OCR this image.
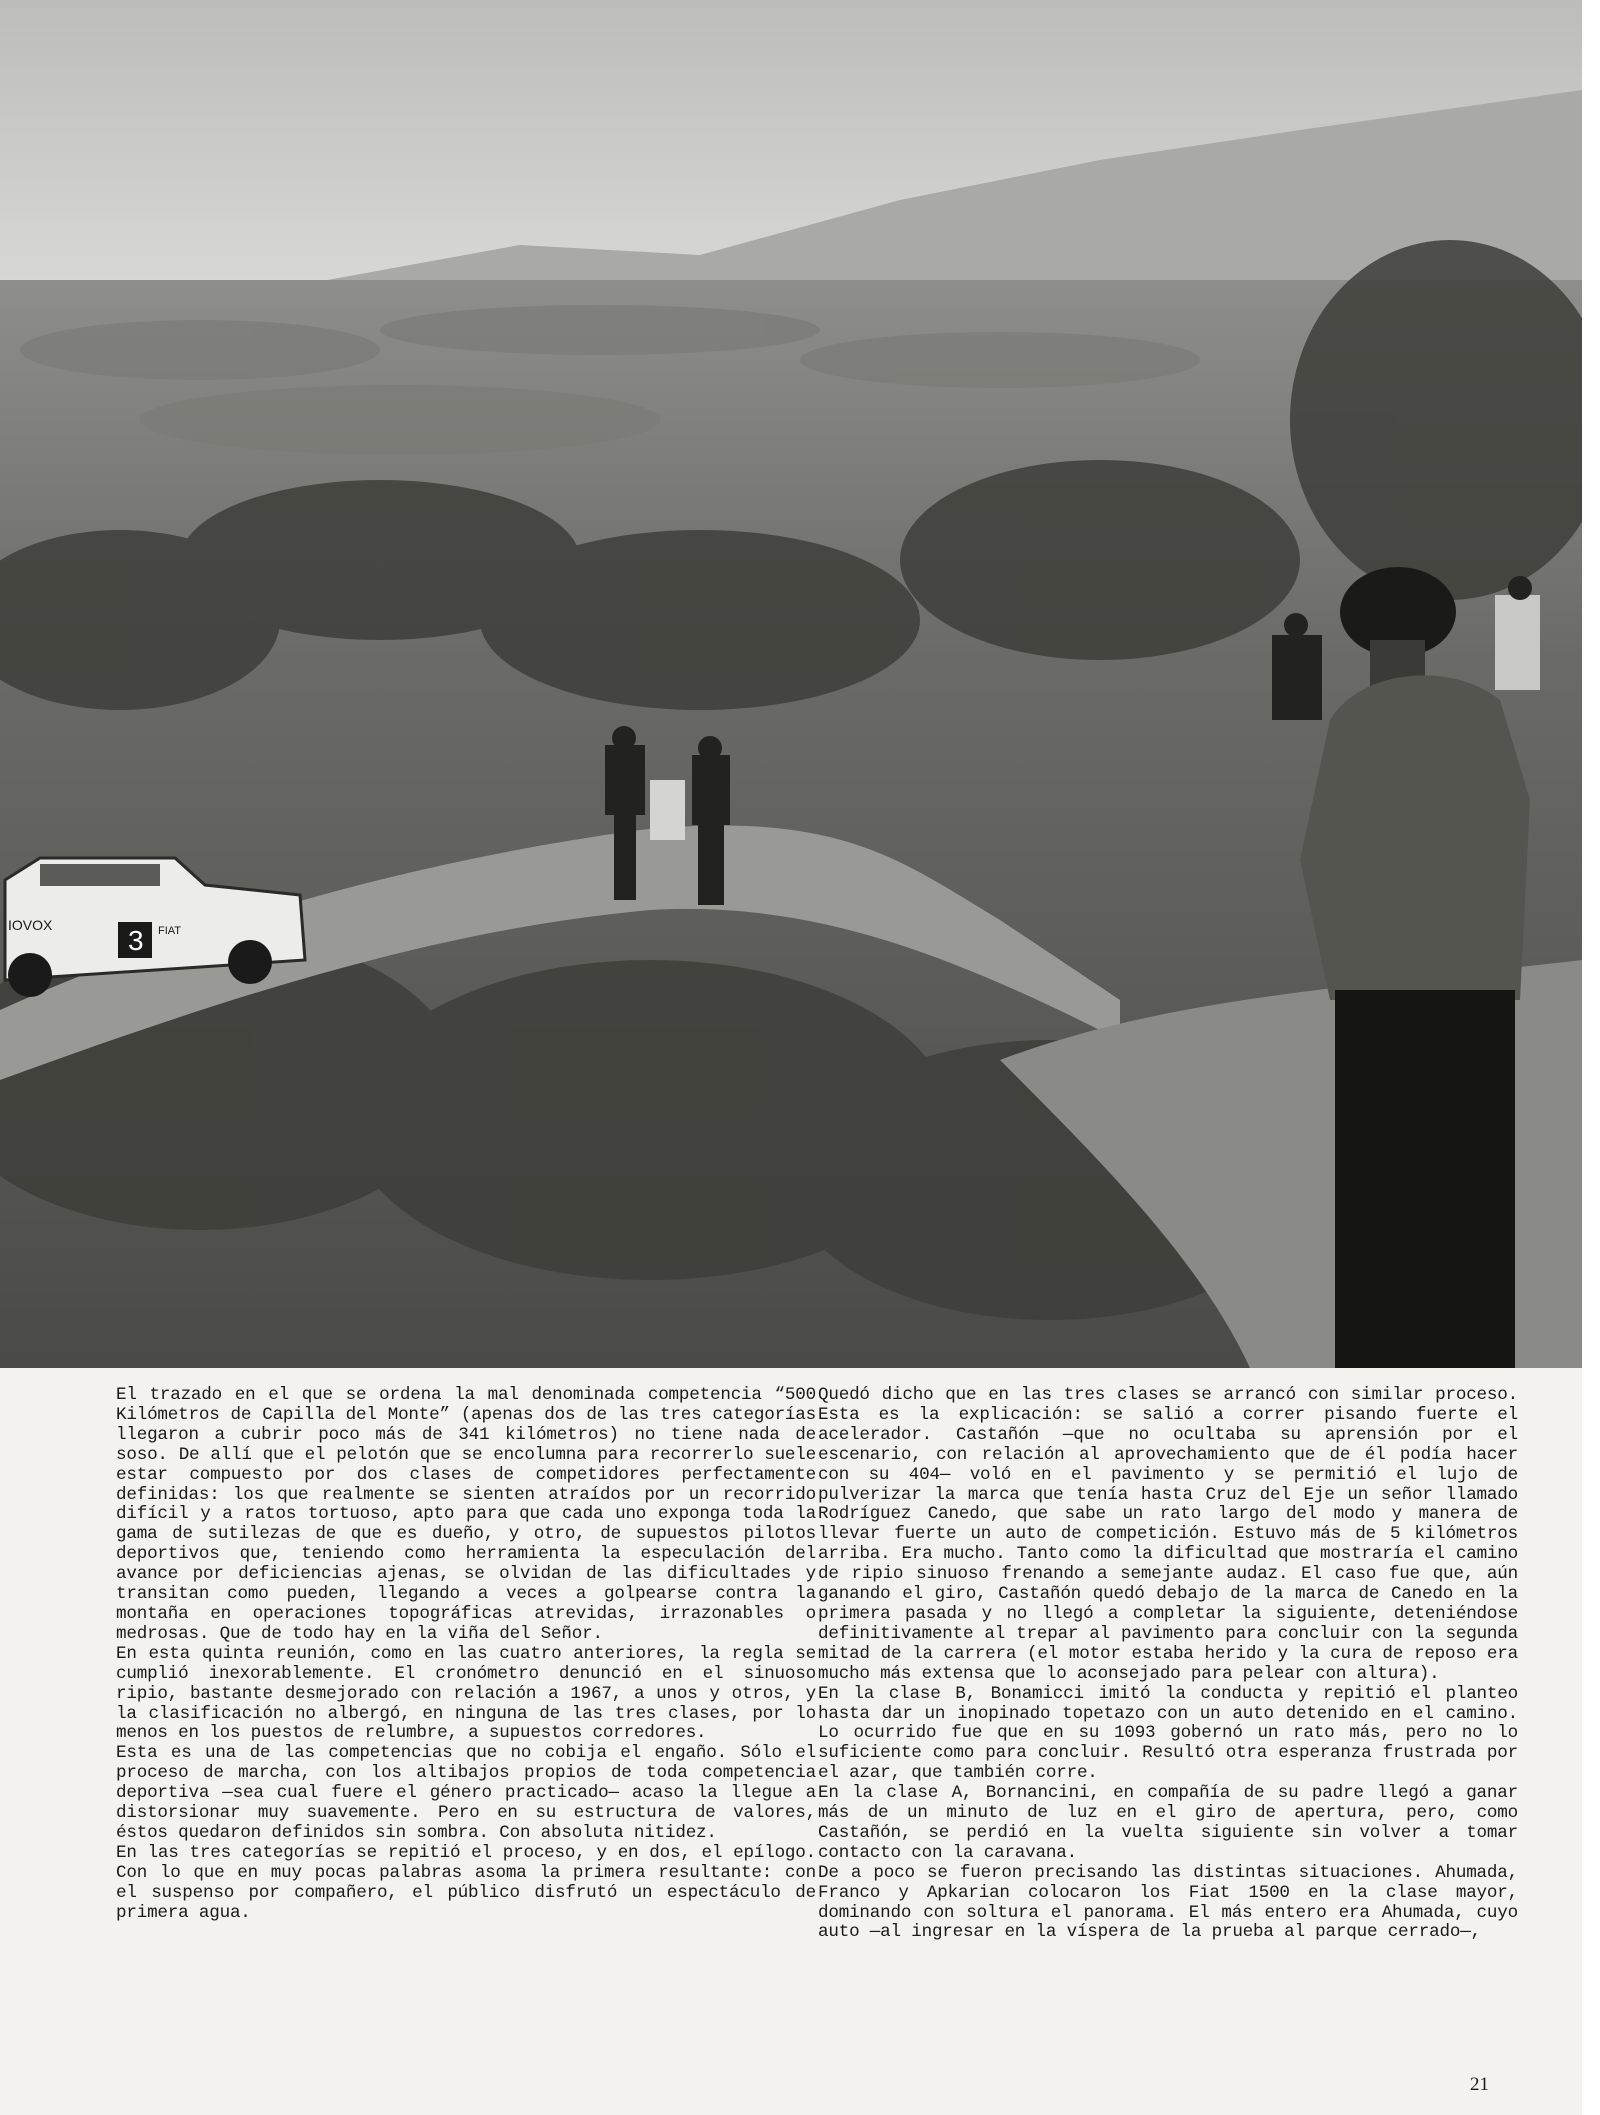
3 FIAT
IOVOX

El trazado en el que se ordena la mal denominada competencia “500 Kilómetros de Capilla del Monte” (apenas dos de las tres categorías llegaron a cubrir poco más de 341 kilómetros) no tiene nada de soso. De allí que el pelotón que se encolumna para recorrerlo suele estar compuesto por dos clases de competidores perfectamente definidas: los que realmente se sienten atraídos por un recorrido difícil y a ratos tortuoso, apto para que cada uno exponga toda la gama de sutilezas de que es dueño, y otro, de supuestos pilotos deportivos que, teniendo como herramienta la especulación del avance por deficiencias ajenas, se olvidan de las dificultades y transitan como pueden, llegando a veces a golpearse contra la montaña en operaciones topográficas atrevidas, irrazonables o medrosas. Que de todo hay en la viña del Señor.

En esta quinta reunión, como en las cuatro anteriores, la regla se cumplió inexorablemente. El cronómetro denunció en el sinuoso ripio, bastante desmejorado con relación a 1967, a unos y otros, y la clasificación no albergó, en ninguna de las tres clases, por lo menos en los puestos de relumbre, a supuestos corredores.

Esta es una de las competencias que no cobija el engaño. Sólo el proceso de marcha, con los altibajos propios de toda competencia deportiva —sea cual fuere el género practicado— acaso la llegue a distorsionar muy suavemente. Pero en su estructura de valores, éstos quedaron definidos sin sombra. Con absoluta nitidez.

En las tres categorías se repitió el proceso, y en dos, el epílogo. Con lo que en muy pocas palabras asoma la primera resultante: con el suspenso por compañero, el público disfrutó un espectáculo de primera agua.

Quedó dicho que en las tres clases se arrancó con similar proceso. Esta es la explicación: se salió a correr pisando fuerte el acelerador. Castañón —que no ocultaba su aprensión por el escenario, con relación al aprovechamiento que de él podía hacer con su 404— voló en el pavimento y se permitió el lujo de pulverizar la marca que tenía hasta Cruz del Eje un señor llamado Rodríguez Canedo, que sabe un rato largo del modo y manera de llevar fuerte un auto de competición. Estuvo más de 5 kilómetros arriba. Era mucho. Tanto como la dificultad que mostraría el camino de ripio sinuoso frenando a semejante audaz. El caso fue que, aún ganando el giro, Castañón quedó debajo de la marca de Canedo en la primera pasada y no llegó a completar la siguiente, deteniéndose definitivamente al trepar al pavimento para concluir con la segunda mitad de la carrera (el motor estaba herido y la cura de reposo era mucho más extensa que lo aconsejado para pelear con altura).

En la clase B, Bonamicci imitó la conducta y repitió el planteo hasta dar un inopinado topetazo con un auto detenido en el camino. Lo ocurrido fue que en su 1093 gobernó un rato más, pero no lo suficiente como para concluir. Resultó otra esperanza frustrada por el azar, que también corre.

En la clase A, Bornancini, en compañía de su padre llegó a ganar más de un minuto de luz en el giro de apertura, pero, como Castañón, se perdió en la vuelta siguiente sin volver a tomar contacto con la caravana.

De a poco se fueron precisando las distintas situaciones. Ahumada, Franco y Apkarian colocaron los Fiat 1500 en la clase mayor, dominando con soltura el panorama. El más entero era Ahumada, cuyo auto —al ingresar en la víspera de la prueba al parque cerrado—,

21
